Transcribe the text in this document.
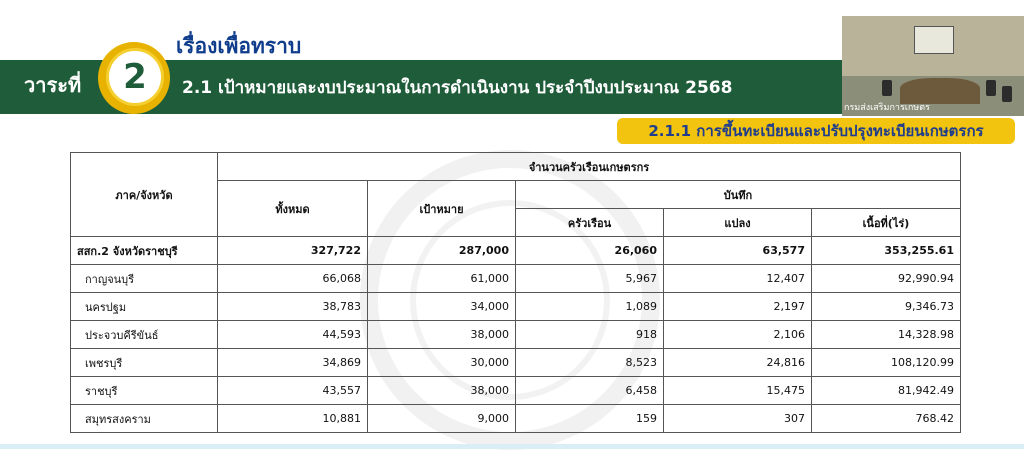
เรื่องเพื่อทราบ
วาระที่	2	2.1 เป้าหมายและงบประมาณในการดำเนินงาน ประจำปีงบประมาณ 2568
กรมส่งเสริมการเกษตร
2.1.1 การขึ้นทะเบียนและปรับปรุงทะเบียนเกษตรกร
ภาค/จังหวัด	จำนวนครัวเรือนเกษตรกร				
	ทั้งหมด	เป้าหมาย	บันทึก		
			ครัวเรือน	แปลง	เนื้อที่(ไร่)
สสก.2 จังหวัดราชบุรี	327,722	287,000	26,060	63,577	353,255.61
กาญจนบุรี	66,068	61,000	5,967	12,407	92,990.94
นครปฐม	38,783	34,000	1,089	2,197	9,346.73
ประจวบคีรีขันธ์	44,593	38,000	918	2,106	14,328.98
เพชรบุรี	34,869	30,000	8,523	24,816	108,120.99
ราชบุรี	43,557	38,000	6,458	15,475	81,942.49
สมุทรสงคราม	10,881	9,000	159	307	768.42
